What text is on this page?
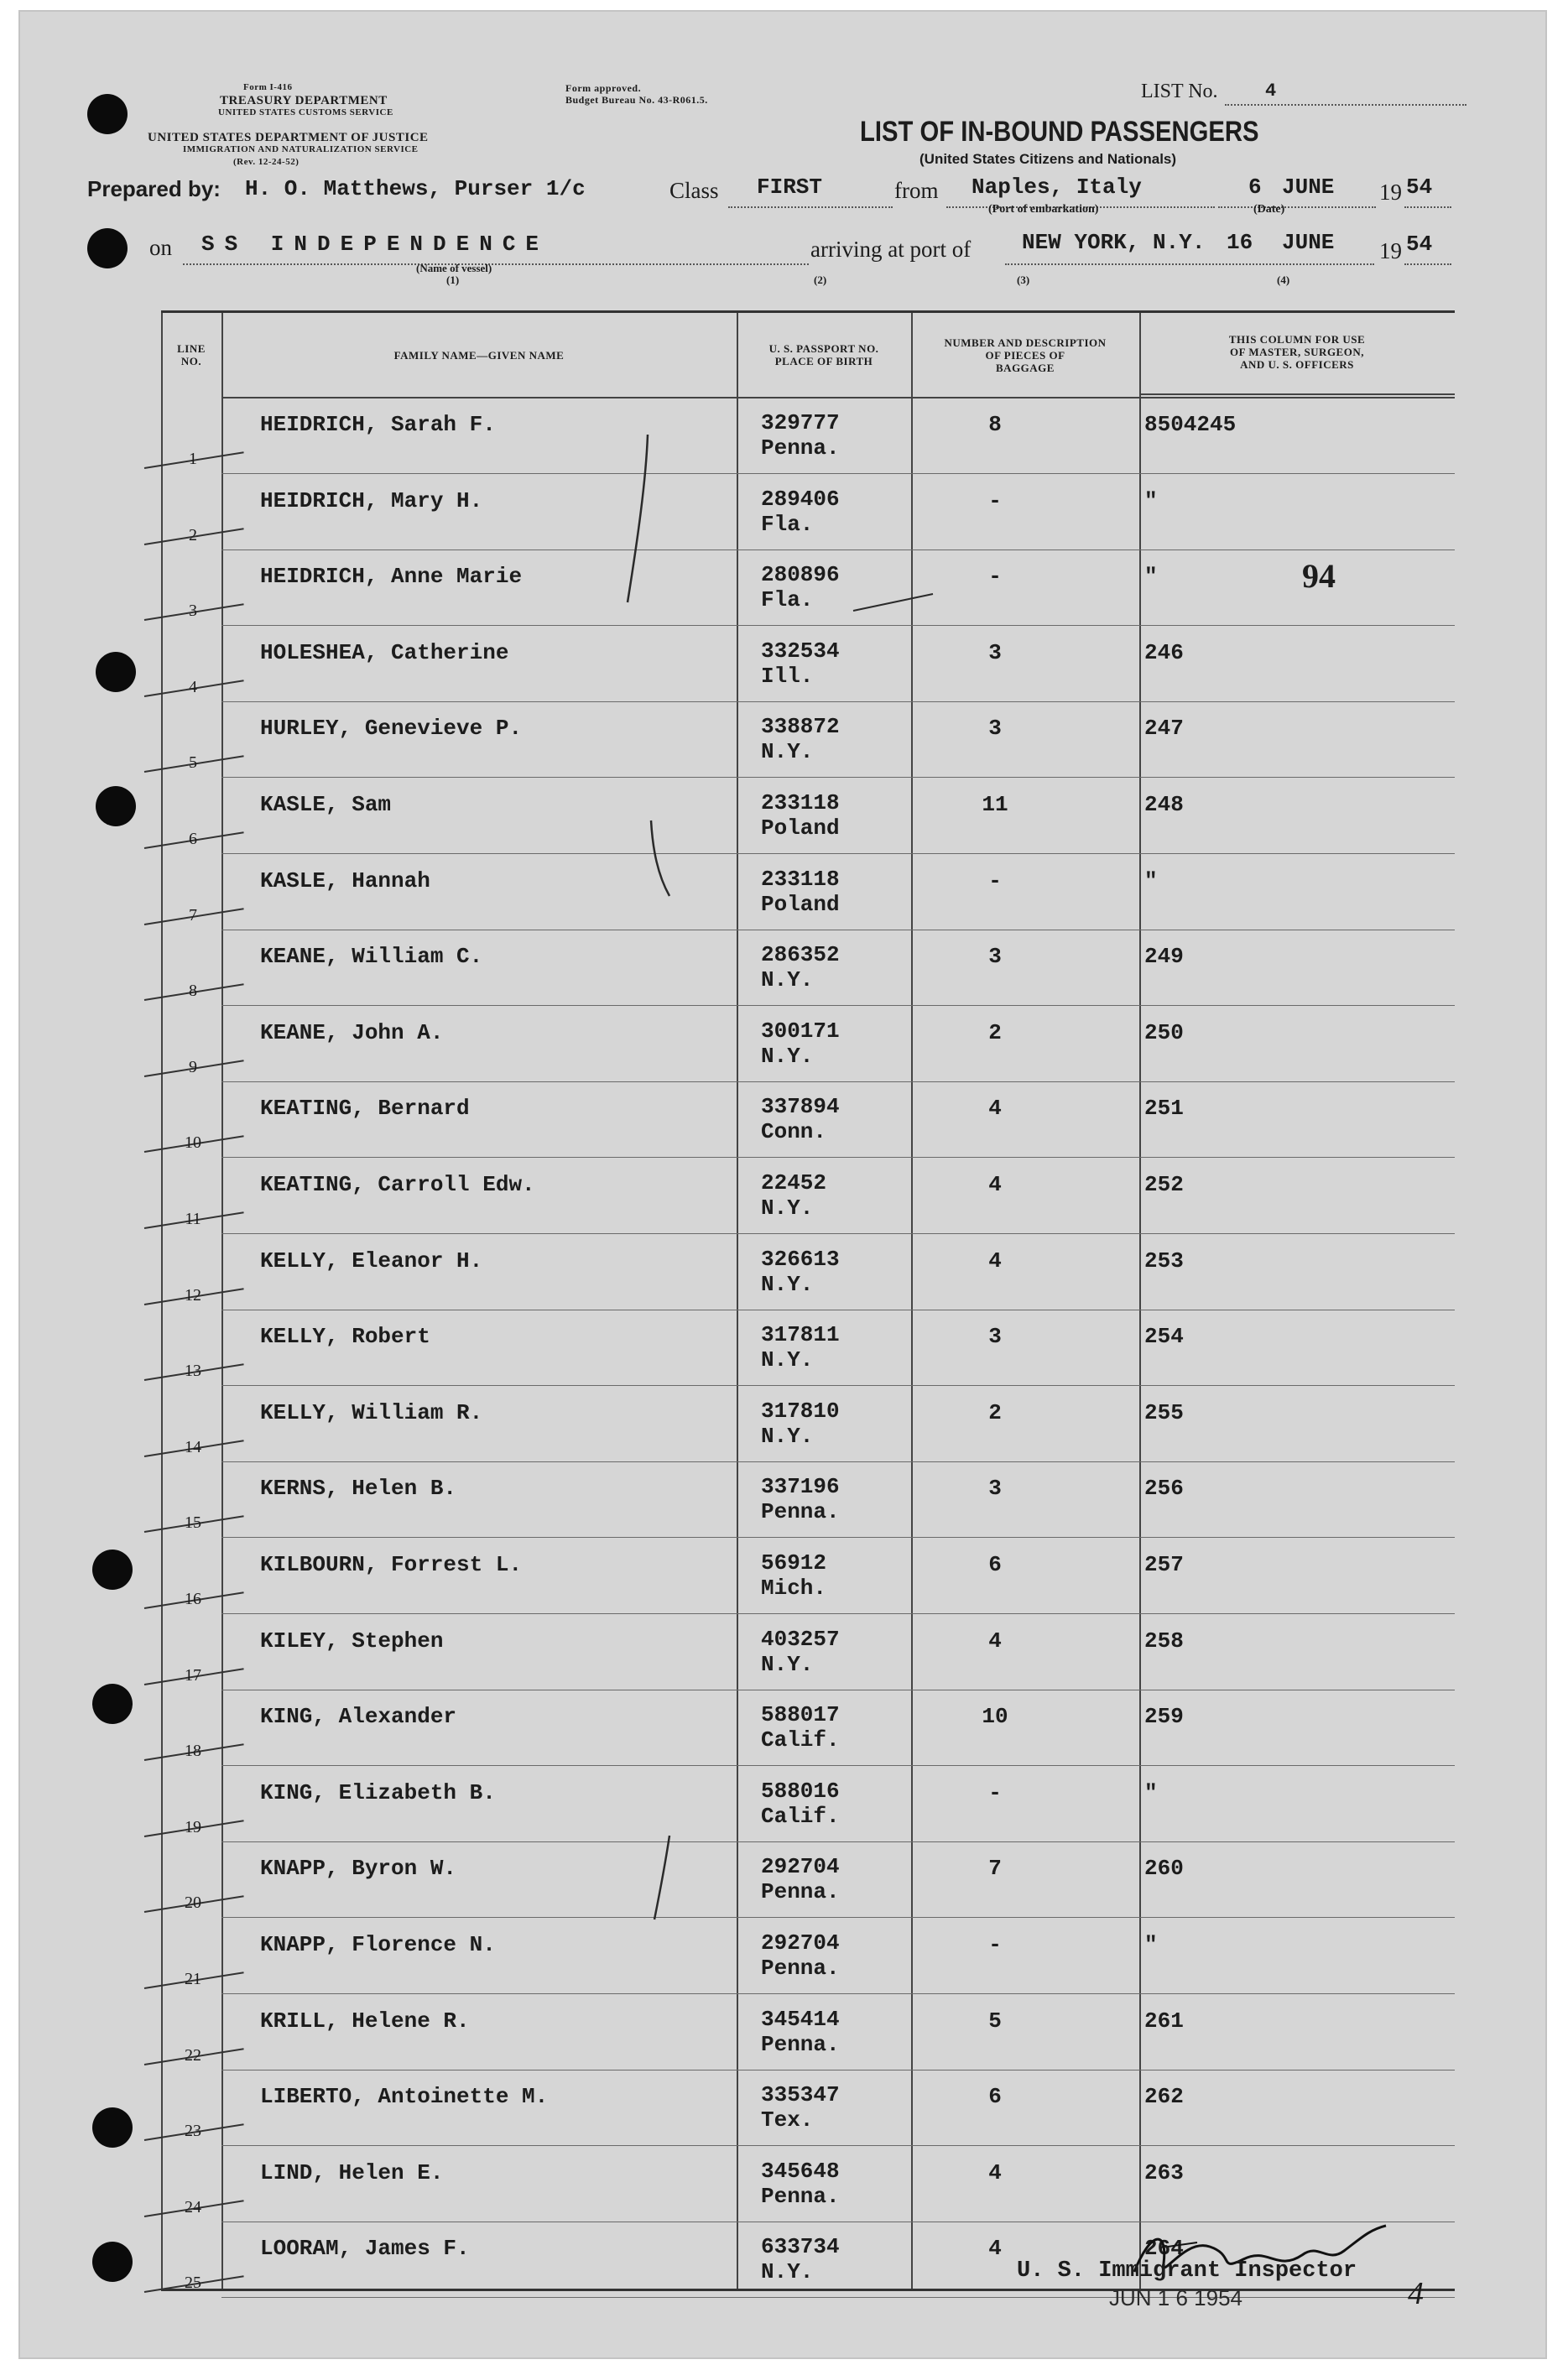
Form I-416
TREASURY DEPARTMENT
UNITED STATES CUSTOMS SERVICE
UNITED STATES DEPARTMENT OF JUSTICE
IMMIGRATION AND NATURALIZATION SERVICE
(Rev. 12-24-52)
Form approved.
Budget Bureau No. 43-R061.5.	LIST No.	4
LIST OF IN-BOUND PASSENGERS
(United States Citizens and Nationals)
Prepared by: H. O. Matthews, Purser 1/c	Class FIRST	from Naples, Italy
(Port of embarkation)
6 JUNE
(Date)
19 54
on SS INDEPENDENCE
(Name of vessel)
(1)
arriving at port of NEW YORK, N.Y. 16 JUNE 19 54
(2)	(3)	(4)
LINE
NO.	FAMILY NAME—GIVEN NAME	U. S. PASSPORT NO.
PLACE OF BIRTH
NUMBER AND DESCRIPTION
OF PIECES OF
BAGGAGE
THIS COLUMN FOR USE
OF MASTER, SURGEON,
AND U. S. OFFICERS
1
HEIDRICH, Sarah F.	329777
Penna.
8	8504245
2
HEIDRICH, Mary H.	289406
Fla.
-	"
3
HEIDRICH, Anne Marie	280896
Fla.
-	"
4
HOLESHEA, Catherine	332534
Ill.
3	246
5
HURLEY, Genevieve P.	338872
N.Y.
3	247
6
KASLE, Sam	233118
Poland
11	248
7
KASLE, Hannah	233118
Poland
-	"
8
KEANE, William C.	286352
N.Y.
3	249
9
KEANE, John A.	300171
N.Y.
2	250
10
KEATING, Bernard	337894
Conn.
4	251
11
KEATING, Carroll Edw.	22452
N.Y.
4	252
12
KELLY, Eleanor H.	326613
N.Y.
4	253
13
KELLY, Robert	317811
N.Y.
3	254
14
KELLY, William R.	317810
N.Y.
2	255
15
KERNS, Helen B.	337196
Penna.
3	256
16
KILBOURN, Forrest L.	56912
Mich.
6	257
17
KILEY, Stephen	403257
N.Y.
4	258
18
KING, Alexander	588017
Calif.
10	259
19
KING, Elizabeth B.	588016
Calif.
-	"
20
KNAPP, Byron W.	292704
Penna.
7	260
21
KNAPP, Florence N.	292704
Penna.
-	"
22
KRILL, Helene R.	345414
Penna.
5	261
23
LIBERTO, Antoinette M.	335347
Tex.
6	262
24
LIND, Helen E.	345648
Penna.
4	263
25
LOORAM, James F.	633734
N.Y.
4	264
94
U. S. Immigrant Inspector
JUN 1 6 1954	4
